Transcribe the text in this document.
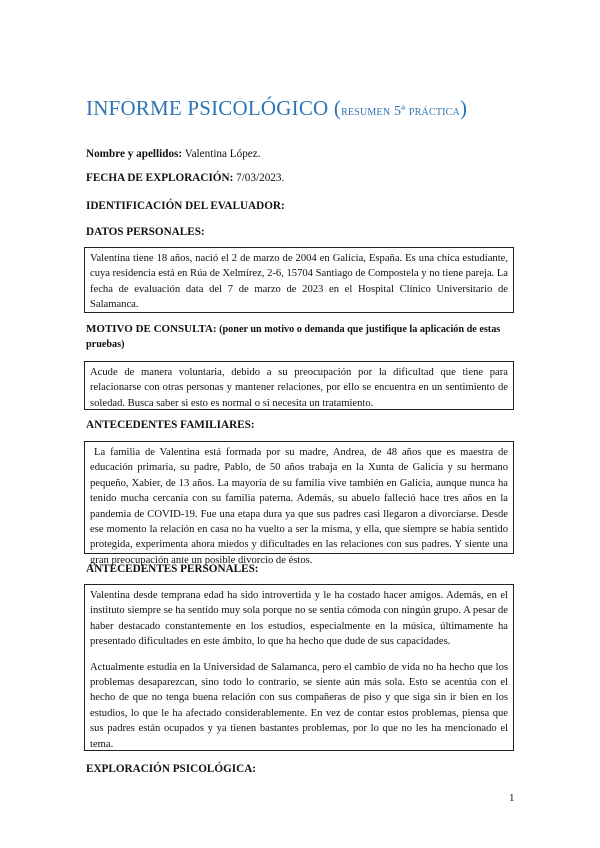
INFORME PSICOLÓGICO (resumen 5ª práctica)
Nombre y apellidos: Valentina López.
FECHA DE EXPLORACIÓN: 7/03/2023.
IDENTIFICACIÓN DEL EVALUADOR:
DATOS PERSONALES:

Valentina tiene 18 años, nació el 2 de marzo de 2004 en Galicia, España. Es una chica estudiante, cuya residencia está en Rúa de Xelmírez, 2-6, 15704 Santiago de Compostela y no tiene pareja. La fecha de evaluación data del 7 de marzo de 2023 en el Hospital Clínico Universitario de Salamanca.

MOTIVO DE CONSULTA: (poner un motivo o demanda que justifique la aplicación de estas pruebas)

Acude de manera voluntaria, debido a su preocupación por la dificultad que tiene para relacionarse con otras personas y mantener relaciones, por ello se encuentra en un sentimiento de soledad. Busca saber si esto es normal o si necesita un tratamiento.

ANTECEDENTES FAMILIARES:

La familia de Valentina está formada por su madre, Andrea, de 48 años que es maestra de educación primaria, su padre, Pablo, de 50 años trabaja en la Xunta de Galicia y su hermano pequeño, Xabier, de 13 años. La mayoría de su familia vive también en Galicia, aunque nunca ha tenido mucha cercanía con su familia paterna. Además, su abuelo falleció hace tres años en la pandemia de COVID-19. Fue una etapa dura ya que sus padres casi llegaron a divorciarse. Desde ese momento la relación en casa no ha vuelto a ser la misma, y ella, que siempre se había sentido protegida, experimenta ahora miedos y dificultades en las relaciones con sus padres. Y siente una gran preocupación ante un posible divorcio de éstos.

ANTECEDENTES PERSONALES:

Valentina desde temprana edad ha sido introvertida y le ha costado hacer amigos. Además, en el instituto siempre se ha sentido muy sola porque no se sentía cómoda con ningún grupo. A pesar de haber destacado constantemente en los estudios, especialmente en la música, últimamente ha presentado dificultades en este ámbito, lo que ha hecho que dude de sus capacidades.

Actualmente estudia en la Universidad de Salamanca, pero el cambio de vida no ha hecho que los problemas desaparezcan, sino todo lo contrario, se siente aún más sola. Esto se acentúa con el hecho de que no tenga buena relación con sus compañeras de piso y que siga sin ir bien en los estudios, lo que le ha afectado considerablemente. En vez de contar estos problemas, piensa que sus padres están ocupados y ya tienen bastantes problemas, por lo que no les ha mencionado el tema.

EXPLORACIÓN PSICOLÓGICA:
1
